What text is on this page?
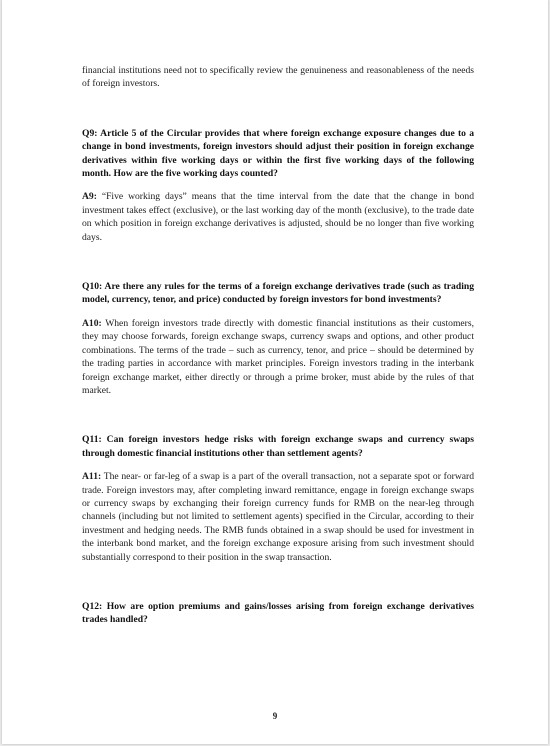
financial institutions need not to specifically review the genuineness and reasonableness of the needs of foreign investors.

Q9: Article 5 of the Circular provides that where foreign exchange exposure changes due to a change in bond investments, foreign investors should adjust their position in foreign exchange derivatives within five working days or within the first five working days of the following month. How are the five working days counted?

A9: “Five working days” means that the time interval from the date that the change in bond investment takes effect (exclusive), or the last working day of the month (exclusive), to the trade date on which position in foreign exchange derivatives is adjusted, should be no longer than five working days.

Q10: Are there any rules for the terms of a foreign exchange derivatives trade (such as trading model, currency, tenor, and price) conducted by foreign investors for bond investments?

A10: When foreign investors trade directly with domestic financial institutions as their customers, they may choose forwards, foreign exchange swaps, currency swaps and options, and other product combinations. The terms of the trade – such as currency, tenor, and price – should be determined by the trading parties in accordance with market principles. Foreign investors trading in the interbank foreign exchange market, either directly or through a prime broker, must abide by the rules of that market.

Q11: Can foreign investors hedge risks with foreign exchange swaps and currency swaps through domestic financial institutions other than settlement agents?

A11: The near- or far-leg of a swap is a part of the overall transaction, not a separate spot or forward trade. Foreign investors may, after completing inward remittance, engage in foreign exchange swaps or currency swaps by exchanging their foreign currency funds for RMB on the near-leg through channels (including but not limited to settlement agents) specified in the Circular, according to their investment and hedging needs. The RMB funds obtained in a swap should be used for investment in the interbank bond market, and the foreign exchange exposure arising from such investment should substantially correspond to their position in the swap transaction.

Q12: How are option premiums and gains/losses arising from foreign exchange derivatives trades handled?

9
